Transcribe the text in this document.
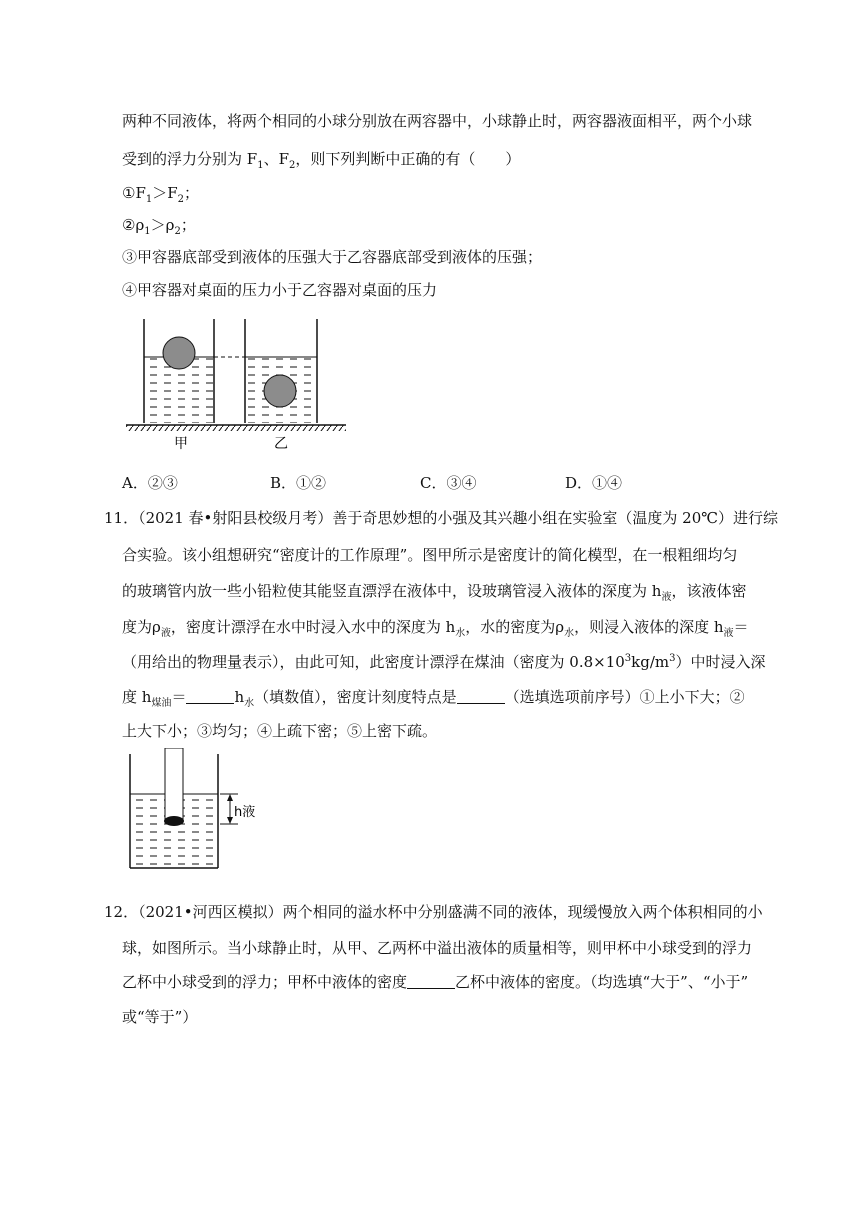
两种不同液体，将两个相同的小球分别放在两容器中，小球静止时，两容器液面相平，两个小球
受到的浮力分别为 $F_1$、$F_2$，则下列判断中正确的有（　　）
$①F_1>F_2$；
$②\rho_1>\rho_2$；
③甲容器底部受到液体的压强大于乙容器底部受到液体的压强；
④甲容器对桌面的压力小于乙容器对桌面的压力
甲	乙
A．②③	B．①②	C．③④	D．①④
11．（2021 春•射阳县校级月考）善于奇思妙想的小强及其兴趣小组在实验室（温度为 20℃）进行综
合实验。该小组想研究“密度计的工作原理”。图甲所示是密度计的简化模型，在一根粗细均匀
的玻璃管内放一些小铅粒使其能竖直漂浮在液体中，设玻璃管浸入液体的深度为 $h_液$，该液体密
度为$\rho_液$，密度计漂浮在水中时浸入水中的深度为 $h_水$，水的密度为$\rho_水$，则浸入液体的深度 $h_液=$
（用给出的物理量表示），由此可知，此密度计漂浮在煤油（密度为 $0.8\times 10^3kg/m^3$）中时浸入深
度 $h_{煤油}=$	$h_水$（填数值），密度计刻度特点是	（选填选项前序号）①上小下大；②
上大下小；③均匀；④上疏下密；⑤上密下疏。
h液
12．（2021•河西区模拟）两个相同的溢水杯中分别盛满不同的液体，现缓慢放入两个体积相同的小
球，如图所示。当小球静止时，从甲、乙两杯中溢出液体的质量相等，则甲杯中小球受到的浮力
乙杯中小球受到的浮力；甲杯中液体的密度	乙杯中液体的密度。（均选填“大于”、“小于”
或“等于”）
